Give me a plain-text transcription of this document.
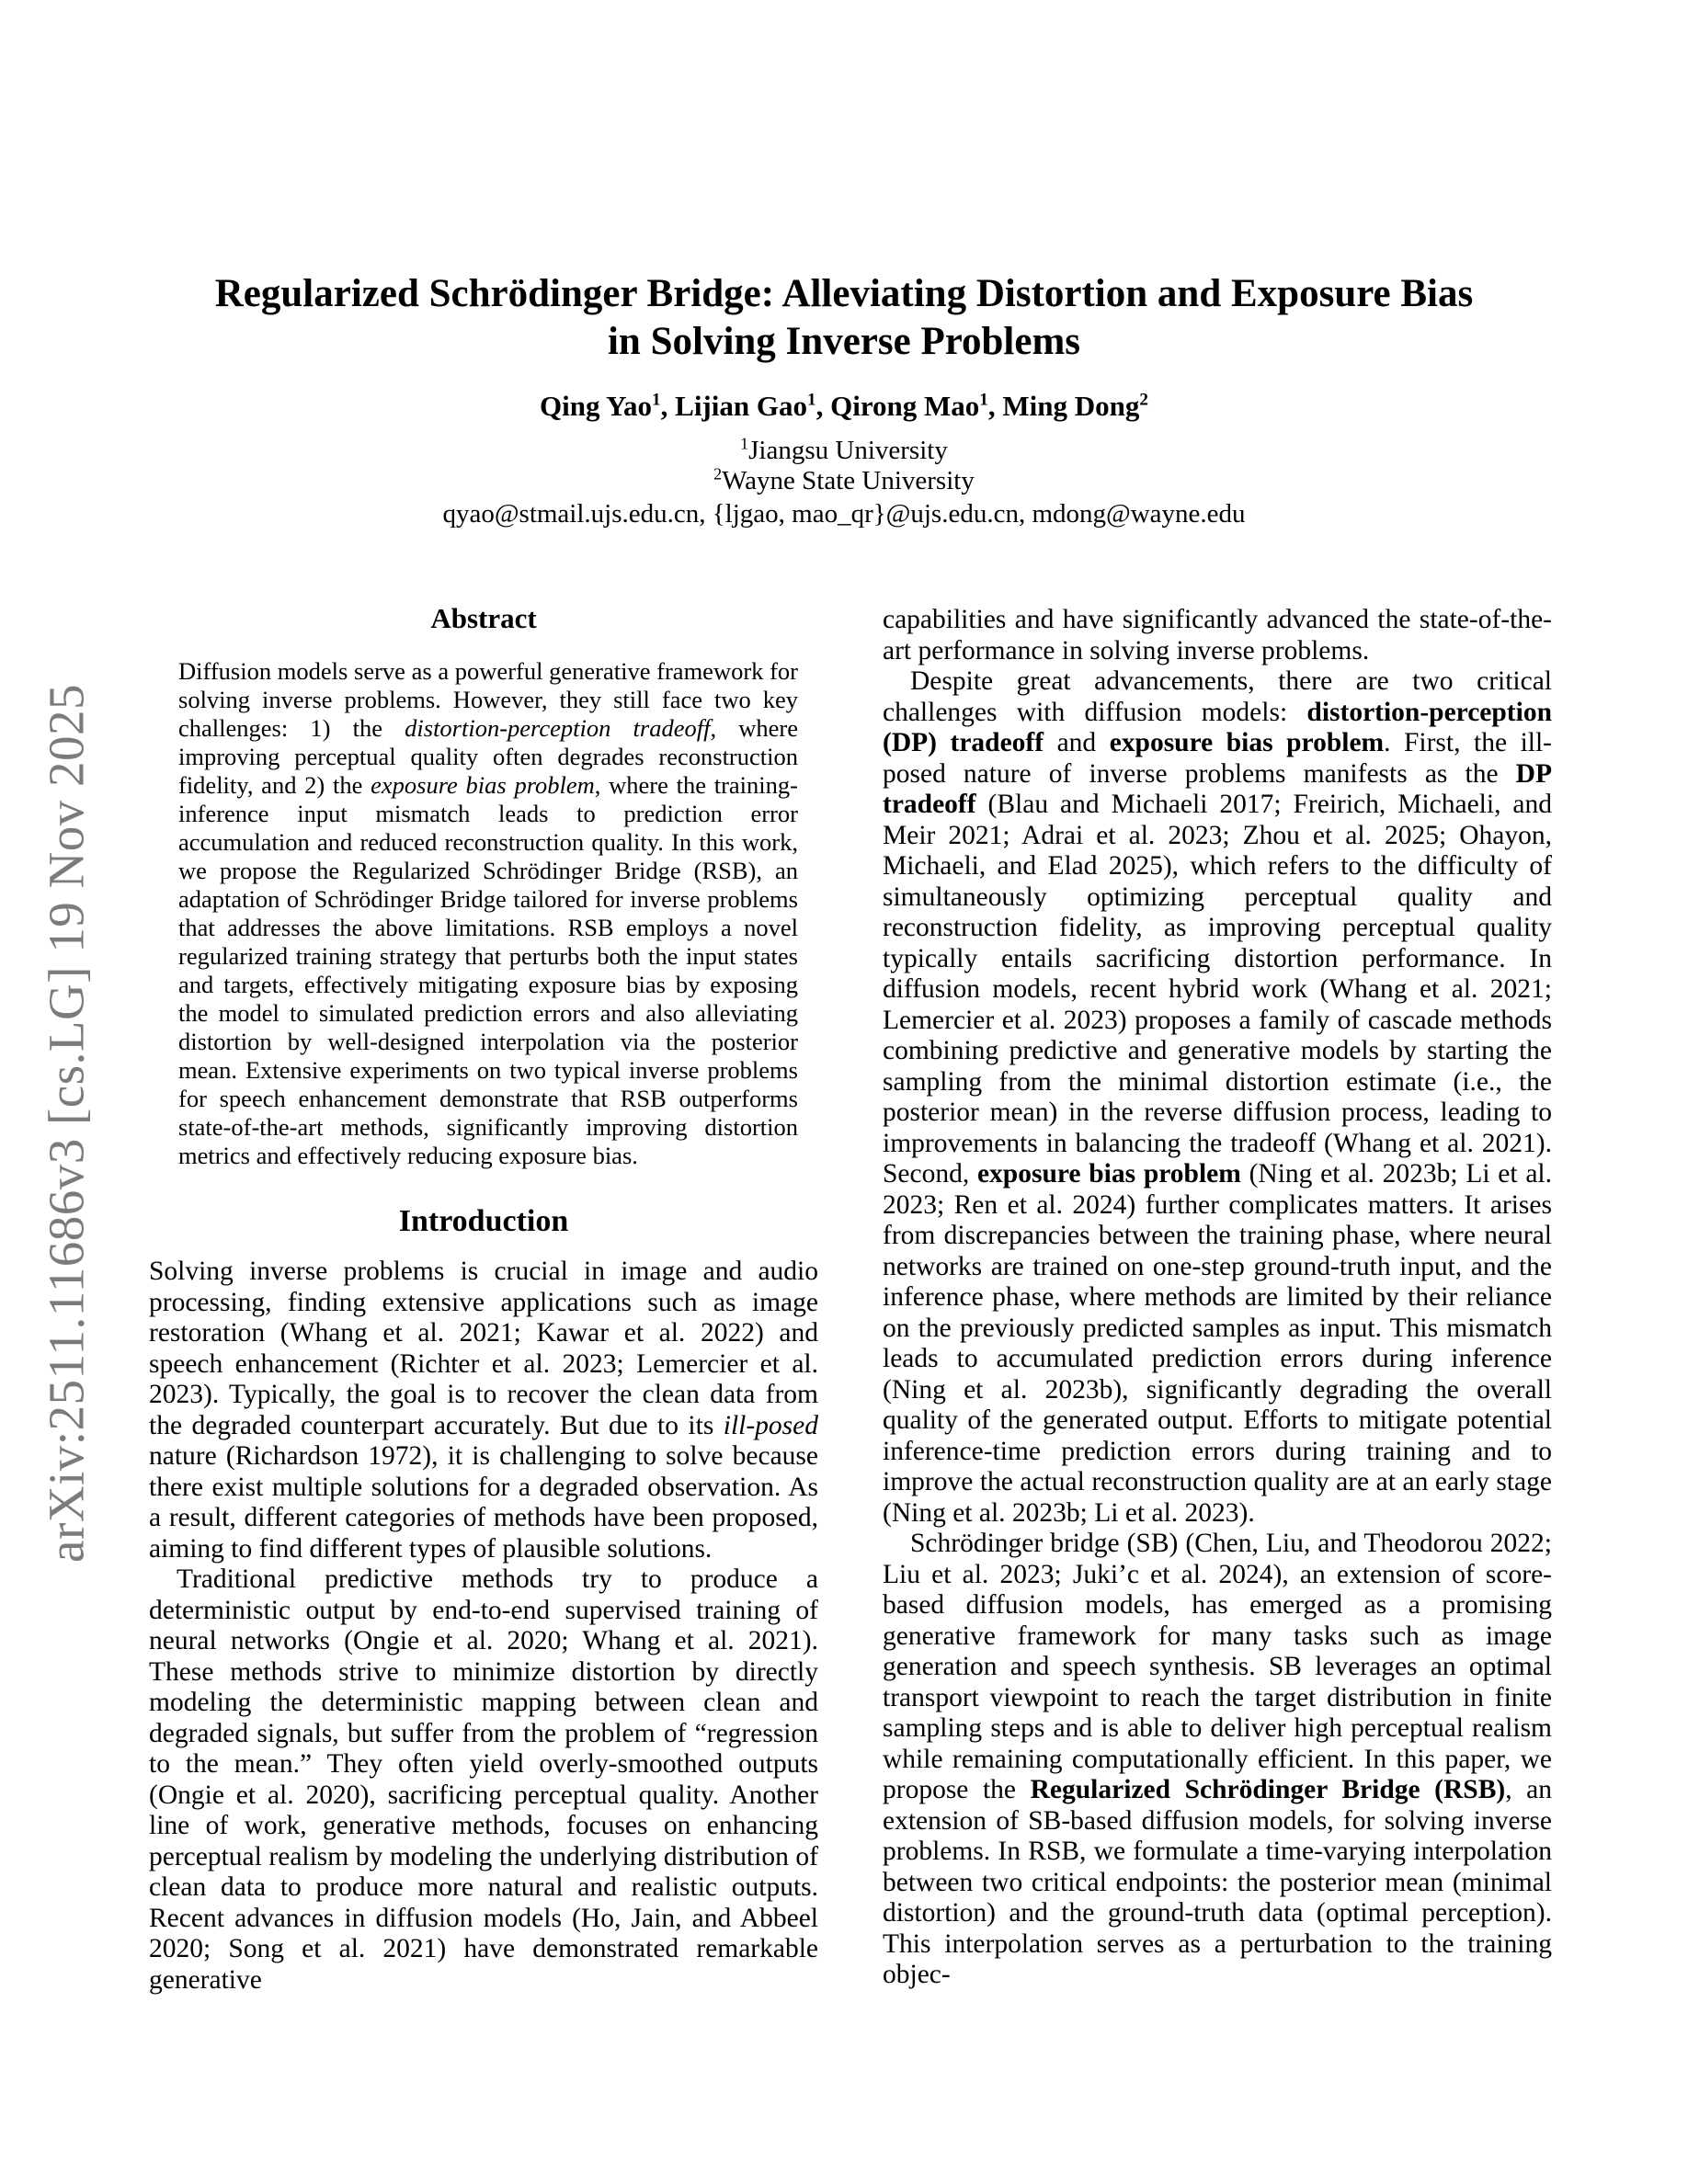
arXiv:2511.11686v3 [cs.LG] 19 Nov 2025
Regularized Schrödinger Bridge: Alleviating Distortion and Exposure Bias
in Solving Inverse Problems
Qing Yao$^1$, Lijian Gao$^1$, Qirong Mao$^1$, Ming Dong$^2$
$^1$Jiangsu University
$^2$Wayne State University
qyao@stmail.ujs.edu.cn, {ljgao, mao_qr}@ujs.edu.cn, mdong@wayne.edu
Abstract

Diffusion models serve as a powerful generative framework for solving inverse problems. However, they still face two key challenges: 1) the distortion-perception tradeoff, where improving perceptual quality often degrades reconstruction fidelity, and 2) the exposure bias problem, where the training-inference input mismatch leads to prediction error accumulation and reduced reconstruction quality. In this work, we propose the Regularized Schrödinger Bridge (RSB), an adaptation of Schrödinger Bridge tailored for inverse problems that addresses the above limitations. RSB employs a novel regularized training strategy that perturbs both the input states and targets, effectively mitigating exposure bias by exposing the model to simulated prediction errors and also alleviating distortion by well-designed interpolation via the posterior mean. Extensive experiments on two typical inverse problems for speech enhancement demonstrate that RSB outperforms state-of-the-art methods, significantly improving distortion metrics and effectively reducing exposure bias.

Introduction

Solving inverse problems is crucial in image and audio processing, finding extensive applications such as image restoration (Whang et al. 2021; Kawar et al. 2022) and speech enhancement (Richter et al. 2023; Lemercier et al. 2023). Typically, the goal is to recover the clean data from the degraded counterpart accurately. But due to its ill-posed nature (Richardson 1972), it is challenging to solve because there exist multiple solutions for a degraded observation. As a result, different categories of methods have been proposed, aiming to find different types of plausible solutions.

Traditional predictive methods try to produce a deterministic output by end-to-end supervised training of neural networks (Ongie et al. 2020; Whang et al. 2021). These methods strive to minimize distortion by directly modeling the deterministic mapping between clean and degraded signals, but suffer from the problem of “regression to the mean.” They often yield overly-smoothed outputs (Ongie et al. 2020), sacrificing perceptual quality. Another line of work, generative methods, focuses on enhancing perceptual realism by modeling the underlying distribution of clean data to produce more natural and realistic outputs. Recent advances in diffusion models (Ho, Jain, and Abbeel 2020; Song et al. 2021) have demonstrated remarkable generative

capabilities and have significantly advanced the state-of-the-art performance in solving inverse problems.

Despite great advancements, there are two critical challenges with diffusion models: distortion-perception (DP) tradeoff and exposure bias problem. First, the ill-posed nature of inverse problems manifests as the DP tradeoff (Blau and Michaeli 2017; Freirich, Michaeli, and Meir 2021; Adrai et al. 2023; Zhou et al. 2025; Ohayon, Michaeli, and Elad 2025), which refers to the difficulty of simultaneously optimizing perceptual quality and reconstruction fidelity, as improving perceptual quality typically entails sacrificing distortion performance. In diffusion models, recent hybrid work (Whang et al. 2021; Lemercier et al. 2023) proposes a family of cascade methods combining predictive and generative models by starting the sampling from the minimal distortion estimate (i.e., the posterior mean) in the reverse diffusion process, leading to improvements in balancing the tradeoff (Whang et al. 2021). Second, exposure bias problem (Ning et al. 2023b; Li et al. 2023; Ren et al. 2024) further complicates matters. It arises from discrepancies between the training phase, where neural networks are trained on one-step ground-truth input, and the inference phase, where methods are limited by their reliance on the previously predicted samples as input. This mismatch leads to accumulated prediction errors during inference (Ning et al. 2023b), significantly degrading the overall quality of the generated output. Efforts to mitigate potential inference-time prediction errors during training and to improve the actual reconstruction quality are at an early stage (Ning et al. 2023b; Li et al. 2023).

Schrödinger bridge (SB) (Chen, Liu, and Theodorou 2022; Liu et al. 2023; Juki’c et al. 2024), an extension of score-based diffusion models, has emerged as a promising generative framework for many tasks such as image generation and speech synthesis. SB leverages an optimal transport viewpoint to reach the target distribution in finite sampling steps and is able to deliver high perceptual realism while remaining computationally efficient. In this paper, we propose the Regularized Schrödinger Bridge (RSB), an extension of SB-based diffusion models, for solving inverse problems. In RSB, we formulate a time-varying interpolation between two critical endpoints: the posterior mean (minimal distortion) and the ground-truth data (optimal perception). This interpolation serves as a perturbation to the training objec-
